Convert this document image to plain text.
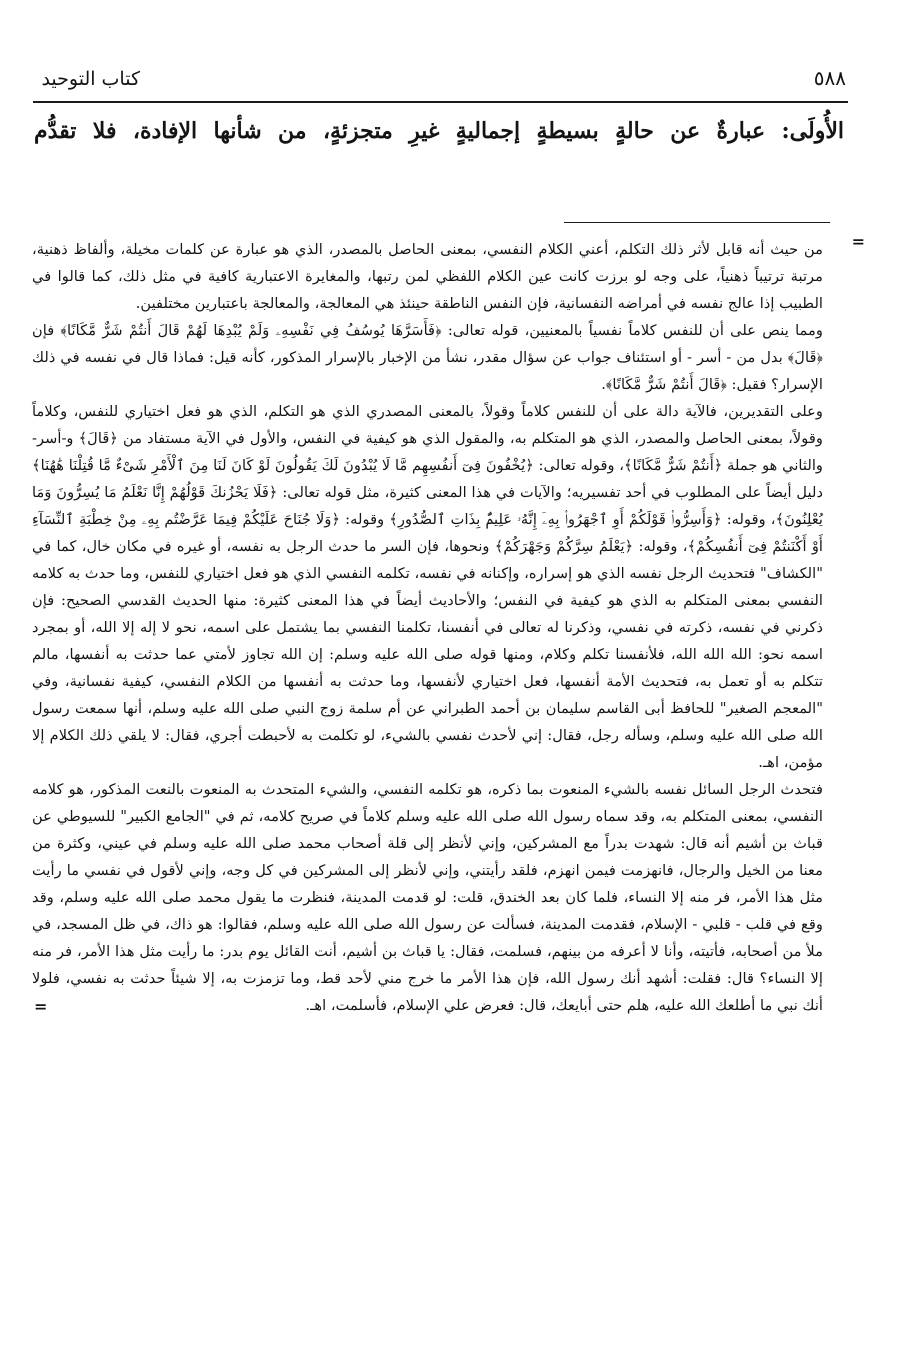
كتاب التوحيد	٥٨٨
الأُولَى: عبارةٌ عن حالةٍ بسيطةٍ إجماليةٍ غيرِ متجزئةٍ، من شأنها الإفادة، فلا تقدُّم
=

من حيث أنه قابل لأثر ذلك التكلم، أعني الكلام النفسي، بمعنى الحاصل بالمصدر، الذي هو عبارة عن كلمات مخيلة، وألفاظ ذهنية، مرتبة ترتيباً ذهنياً، على وجه لو برزت كانت عين الكلام اللفظي لمن رتبها، والمغايرة الاعتبارية كافية في مثل ذلك، كما قالوا في الطبيب إذا عالج نفسه في أمراضه النفسانية، فإن النفس الناطقة حينئذ هي المعالجة، والمعالجة باعتبارين مختلفين.

ومما ينص على أن للنفس كلاماً نفسياً بالمعنيين، قوله تعالى: ﴿فَأَسَرَّهَا يُوسُفُ فِي نَفْسِهِۦ وَلَمْ يُبْدِهَا لَهُمْ قَالَ أَنتُمْ شَرٌّ مَّكَانًا﴾ فإن ﴿قَالَ﴾ بدل من - أسر - أو استئناف جواب عن سؤال مقدر، نشأ من الإخبار بالإسرار المذكور، كأنه قيل: فماذا قال في نفسه في ذلك الإسرار؟ فقيل: ﴿قَالَ أَنتُمْ شَرٌّ مَّكَانًا﴾.

وعلى التقديرين، فالآية دالة على أن للنفس كلاماً وقولاً، بالمعنى المصدري الذي هو التكلم، الذي هو فعل اختياري للنفس، وكلاماً وقولاً، بمعنى الحاصل والمصدر، الذي هو المتكلم به، والمقول الذي هو كيفية في النفس، والأول في الآية مستفاد من ﴿قَالَ﴾ و-أسر- والثاني هو جملة ﴿أَنتُمْ شَرٌّ مَّكَانًا﴾، وقوله تعالى: ﴿يُخْفُونَ فِىٓ أَنفُسِهِم مَّا لَا يُبْدُونَ لَكَ يَقُولُونَ لَوْ كَانَ لَنَا مِنَ ٱلْأَمْرِ شَىْءٌ مَّا قُتِلْنَا هَٰهُنَا﴾ دليل أيضاً على المطلوب في أحد تفسيريه؛ والآيات في هذا المعنى كثيرة، مثل قوله تعالى: ﴿فَلَا يَحْزُنكَ قَوْلُهُمْ إِنَّا نَعْلَمُ مَا يُسِرُّونَ وَمَا يُعْلِنُونَ﴾، وقوله: ﴿وَأَسِرُّوا۟ قَوْلَكُمْ أَوِ ٱجْهَرُوا۟ بِهِۦٓ إِنَّهُۥ عَلِيمٌۢ بِذَاتِ ٱلصُّدُورِ﴾ وقوله: ﴿وَلَا جُنَاحَ عَلَيْكُمْ فِيمَا عَرَّضْتُم بِهِۦ مِنْ خِطْبَةِ ٱلنِّسَآءِ أَوْ أَكْنَنتُمْ فِىٓ أَنفُسِكُمْ﴾، وقوله: ﴿يَعْلَمُ سِرَّكُمْ وَجَهْرَكُمْ﴾ ونحوها، فإن السر ما حدث الرجل به نفسه، أو غيره في مكان خال، كما في "الكشاف" فتحديث الرجل نفسه الذي هو إسراره، وإكنانه في نفسه، تكلمه النفسي الذي هو فعل اختياري للنفس، وما حدث به كلامه النفسي بمعنى المتكلم به الذي هو كيفية في النفس؛ والأحاديث أيضاً في هذا المعنى كثيرة: منها الحديث القدسي الصحيح: فإن ذكرني في نفسه، ذكرته في نفسي، وذكرنا له تعالى في أنفسنا، تكلمنا النفسي بما يشتمل على اسمه، نحو لا إله إلا الله، أو بمجرد اسمه نحو: الله الله الله، فلأنفسنا تكلم وكلام، ومنها قوله صلى الله عليه وسلم: إن الله تجاوز لأمتي عما حدثت به أنفسها، مالم تتكلم به أو تعمل به، فتحديث الأمة أنفسها، فعل اختياري لأنفسها، وما حدثت به أنفسها من الكلام النفسي، كيفية نفسانية، وفي "المعجم الصغير" للحافظ أبى القاسم سليمان بن أحمد الطبراني عن أم سلمة زوج النبي صلى الله عليه وسلم، أنها سمعت رسول الله صلى الله عليه وسلم، وسأله رجل، فقال: إني لأحدث نفسي بالشيء، لو تكلمت به لأحبطت أجري، فقال: لا يلقي ذلك الكلام إلا مؤمن، اهـ.

فتحدث الرجل السائل نفسه بالشيء المنعوت بما ذكره، هو تكلمه النفسي، والشيء المتحدث به المنعوت بالنعت المذكور، هو كلامه النفسي، بمعنى المتكلم به، وقد سماه رسول الله صلى الله عليه وسلم كلاماً في صريح كلامه، ثم في "الجامع الكبير" للسيوطي عن قباث بن أشيم أنه قال: شهدت بدراً مع المشركين، وإني لأنظر إلى قلة أصحاب محمد صلى الله عليه وسلم في عيني، وكثرة من معنا من الخيل والرجال، فانهزمت فيمن انهزم، فلقد رأيتني، وإني لأنظر إلى المشركين في كل وجه، وإني لأقول في نفسي ما رأيت مثل هذا الأمر، فر منه إلا النساء، فلما كان بعد الخندق، قلت: لو قدمت المدينة، فنظرت ما يقول محمد صلى الله عليه وسلم، وقد وقع في قلب - قلبي - الإسلام، فقدمت المدينة، فسألت عن رسول الله صلى الله عليه وسلم، فقالوا: هو ذاك، في ظل المسجد، في ملأ من أصحابه، فأتيته، وأنا لا أعرفه من بينهم، فسلمت، فقال: يا قباث بن أشيم، أنت القائل يوم بدر: ما رأيت مثل هذا الأمر، فر منه إلا النساء؟ قال: فقلت: أشهد أنك رسول الله، فإن هذا الأمر ما خرج مني لأحد قط، وما تزمزت به، إلا شيئاً حدثت به نفسي، فلولا أنك نبي ما أطلعك الله عليه، هلم حتى أبايعك، قال: فعرض علي الإسلام، فأسلمت، اهـ.

=
